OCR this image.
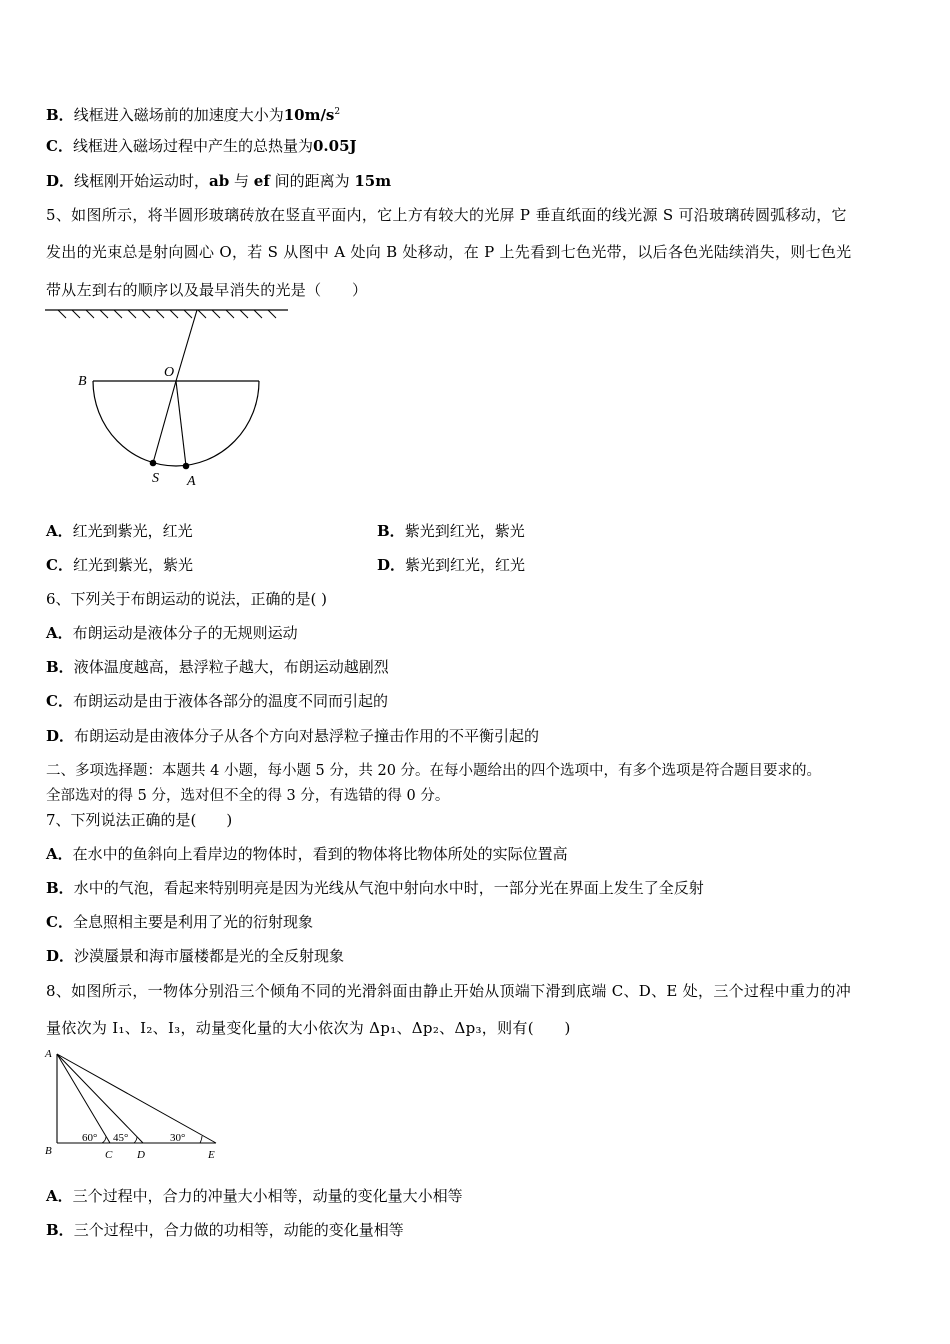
B．线框进入磁场前的加速度大小为$10m/s^2$
C．线框进入磁场过程中产生的总热量为0.05J
D．线框刚开始运动时，ab 与 ef 间的距离为 15m
5、如图所示，将半圆形玻璃砖放在竖直平面内，它上方有较大的光屏 P 垂直纸面的线光源 S 可沿玻璃砖圆弧移动，它
发出的光束总是射向圆心 O，若 S 从图中 A 处向 B 处移动，在 P 上先看到七色光带，以后各色光陆续消失，则七色光
带从左到右的顺序以及最早消失的光是（　　）
B
O
S A
A．红光到紫光，红光	B．紫光到红光，紫光
C．红光到紫光，紫光	D．紫光到红光，红光
6、下列关于布朗运动的说法，正确的是( )
A．布朗运动是液体分子的无规则运动
B．液体温度越高，悬浮粒子越大，布朗运动越剧烈
C．布朗运动是由于液体各部分的温度不同而引起的
D．布朗运动是由液体分子从各个方向对悬浮粒子撞击作用的不平衡引起的
二、多项选择题：本题共 4 小题，每小题 5 分，共 20 分。在每小题给出的四个选项中，有多个选项是符合题目要求的。
全部选对的得 5 分，选对但不全的得 3 分，有选错的得 0 分。
7、下列说法正确的是(　　)
A．在水中的鱼斜向上看岸边的物体时，看到的物体将比物体所处的实际位置高
B．水中的气泡，看起来特别明亮是因为光线从气泡中射向水中时，一部分光在界面上发生了全反射
C．全息照相主要是利用了光的衍射现象
D．沙漠蜃景和海市蜃楼都是光的全反射现象
8、如图所示，一物体分别沿三个倾角不同的光滑斜面由静止开始从顶端下滑到底端 C、D、E 处，三个过程中重力的冲
量依次为 I₁、I₂、I₃，动量变化量的大小依次为 Δp₁、Δp₂、Δp₃，则有(　　)
A
B	C D	E
60° 45°	30°
A．三个过程中，合力的冲量大小相等，动量的变化量大小相等
B．三个过程中，合力做的功相等，动能的变化量相等
